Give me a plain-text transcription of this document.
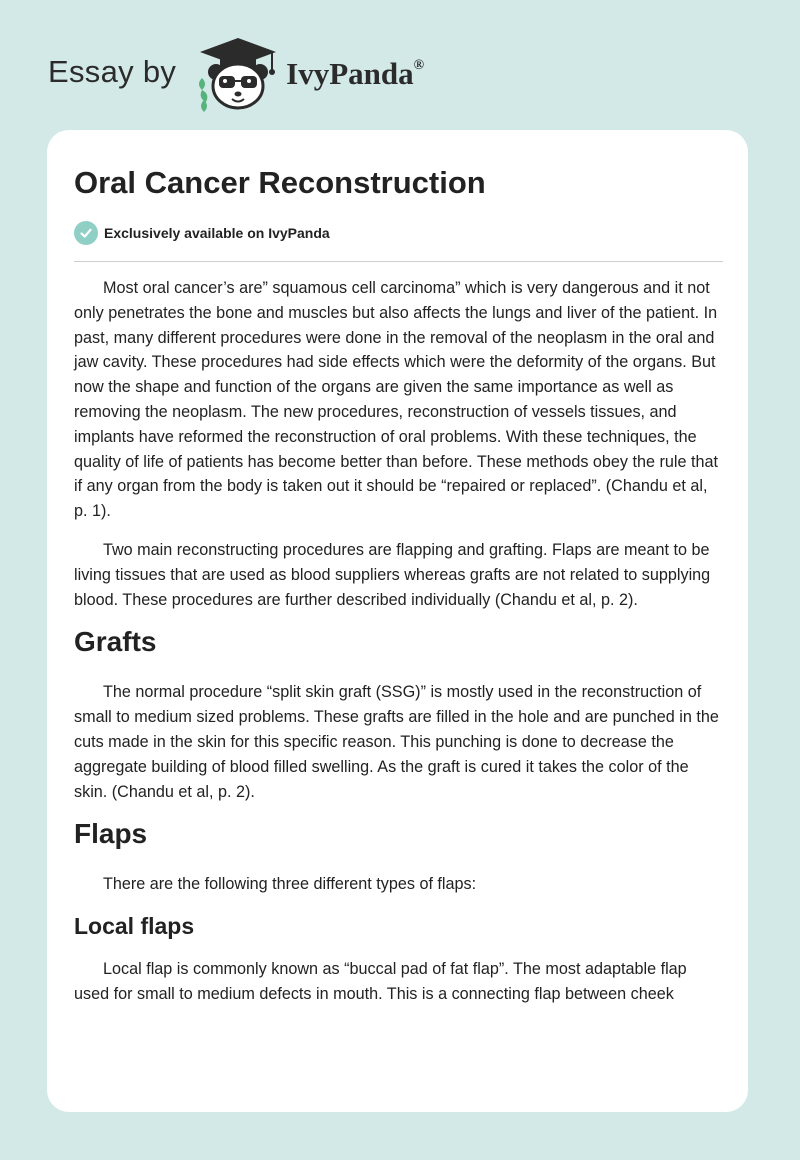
Essay by	IvyPanda®
Oral Cancer Reconstruction
Exclusively available on IvyPanda

Most oral cancer’s are” squamous cell carcinoma” which is very dangerous and it not only penetrates the bone and muscles but also affects the lungs and liver of the patient. In past, many different procedures were done in the removal of the neoplasm in the oral and jaw cavity. These procedures had side effects which were the deformity of the organs. But now the shape and function of the organs are given the same importance as well as removing the neoplasm. The new procedures, reconstruction of vessels tissues, and implants have reformed the reconstruction of oral problems. With these techniques, the quality of life of patients has become better than before. These methods obey the rule that if any organ from the body is taken out it should be “repaired or replaced”. (Chandu et al, p. 1).

Two main reconstructing procedures are flapping and grafting. Flaps are meant to be living tissues that are used as blood suppliers whereas grafts are not related to supplying blood. These procedures are further described individually (Chandu et al, p. 2).

Grafts

The normal procedure “split skin graft (SSG)” is mostly used in the reconstruction of small to medium sized problems. These grafts are filled in the hole and are punched in the cuts made in the skin for this specific reason. This punching is done to decrease the aggregate building of blood filled swelling. As the graft is cured it takes the color of the skin. (Chandu et al, p. 2).

Flaps

There are the following three different types of flaps:

Local flaps

Local flap is commonly known as “buccal pad of fat flap”. The most adaptable flap used for small to medium defects in mouth. This is a connecting flap between cheek
